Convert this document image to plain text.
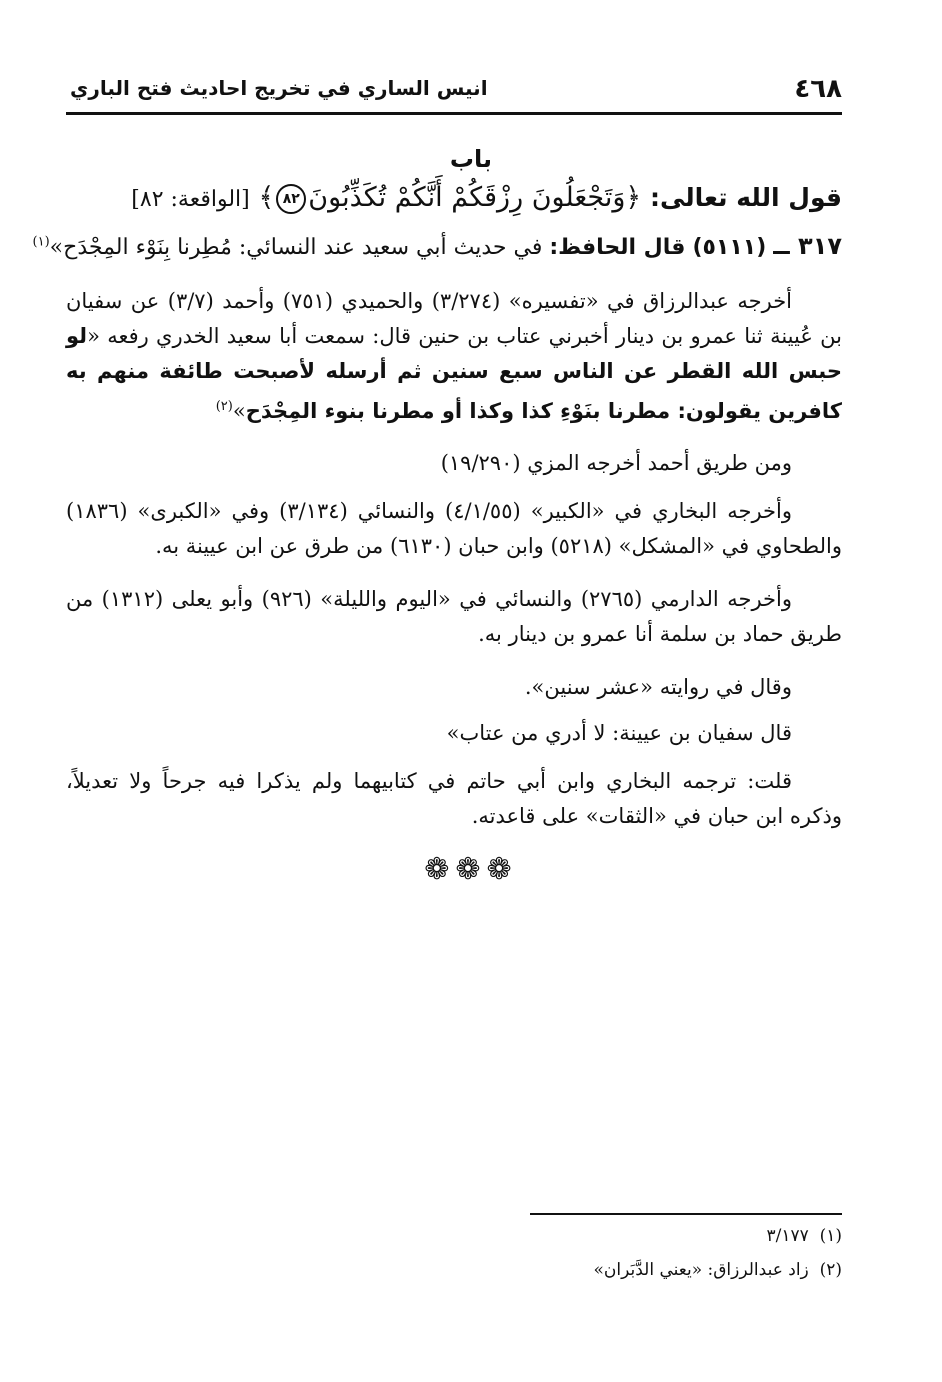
٤٦٨
انيس الساري في تخريج احاديث فتح الباري
باب
قول الله تعالى: ﴿وَتَجْعَلُونَ رِزْقَكُمْ أَنَّكُمْ تُكَذِّبُونَ٨٢﴾ [الواقعة: ٨٢]
٣١٧ ــ (٥١١١) قال الحافظ: في حديث أبي سعيد عند النسائي: مُطِرنا بِنَوْء المِجْدَح»$^{(١)}$
أخرجه عبدالرزاق في «تفسيره» (٣/٢٧٤) والحميدي (٧٥١) وأحمد (٣/٧) عن سفيان بن عُيينة ثنا عمرو بن دينار أخبرني عتاب بن حنين قال: سمعت أبا سعيد الخدري رفعه «لو حبس الله القطر عن الناس سبع سنين ثم أرسله لأصبحت طائفة منهم به كافرين يقولون: مطرنا بنَوْءِ كذا وكذا أو مطرنا بنوء المِجْدَح»$^{(٢)}$
ومن طريق أحمد أخرجه المزي (١٩/٢٩٠)
وأخرجه البخاري في «الكبير» (٤/١/٥٥) والنسائي (٣/١٣٤) وفي «الكبرى» (١٨٣٦) والطحاوي في «المشكل» (٥٢١٨) وابن حبان (٦١٣٠) من طرق عن ابن عيينة به.
وأخرجه الدارمي (٢٧٦٥) والنسائي في «اليوم والليلة» (٩٢٦) وأبو يعلى (١٣١٢) من طريق حماد بن سلمة أنا عمرو بن دينار به.
وقال في روايته «عشر سنين».
قال سفيان بن عيينة: لا أدري من عتاب»
قلت: ترجمه البخاري وابن أبي حاتم في كتابيهما ولم يذكرا فيه جرحاً ولا تعديلاً، وذكره ابن حبان في «الثقات» على قاعدته.
❁❁❁
(١)  ٣/١٧٧
(٢)  زاد عبدالرزاق: «يعني الدَّبَران»
